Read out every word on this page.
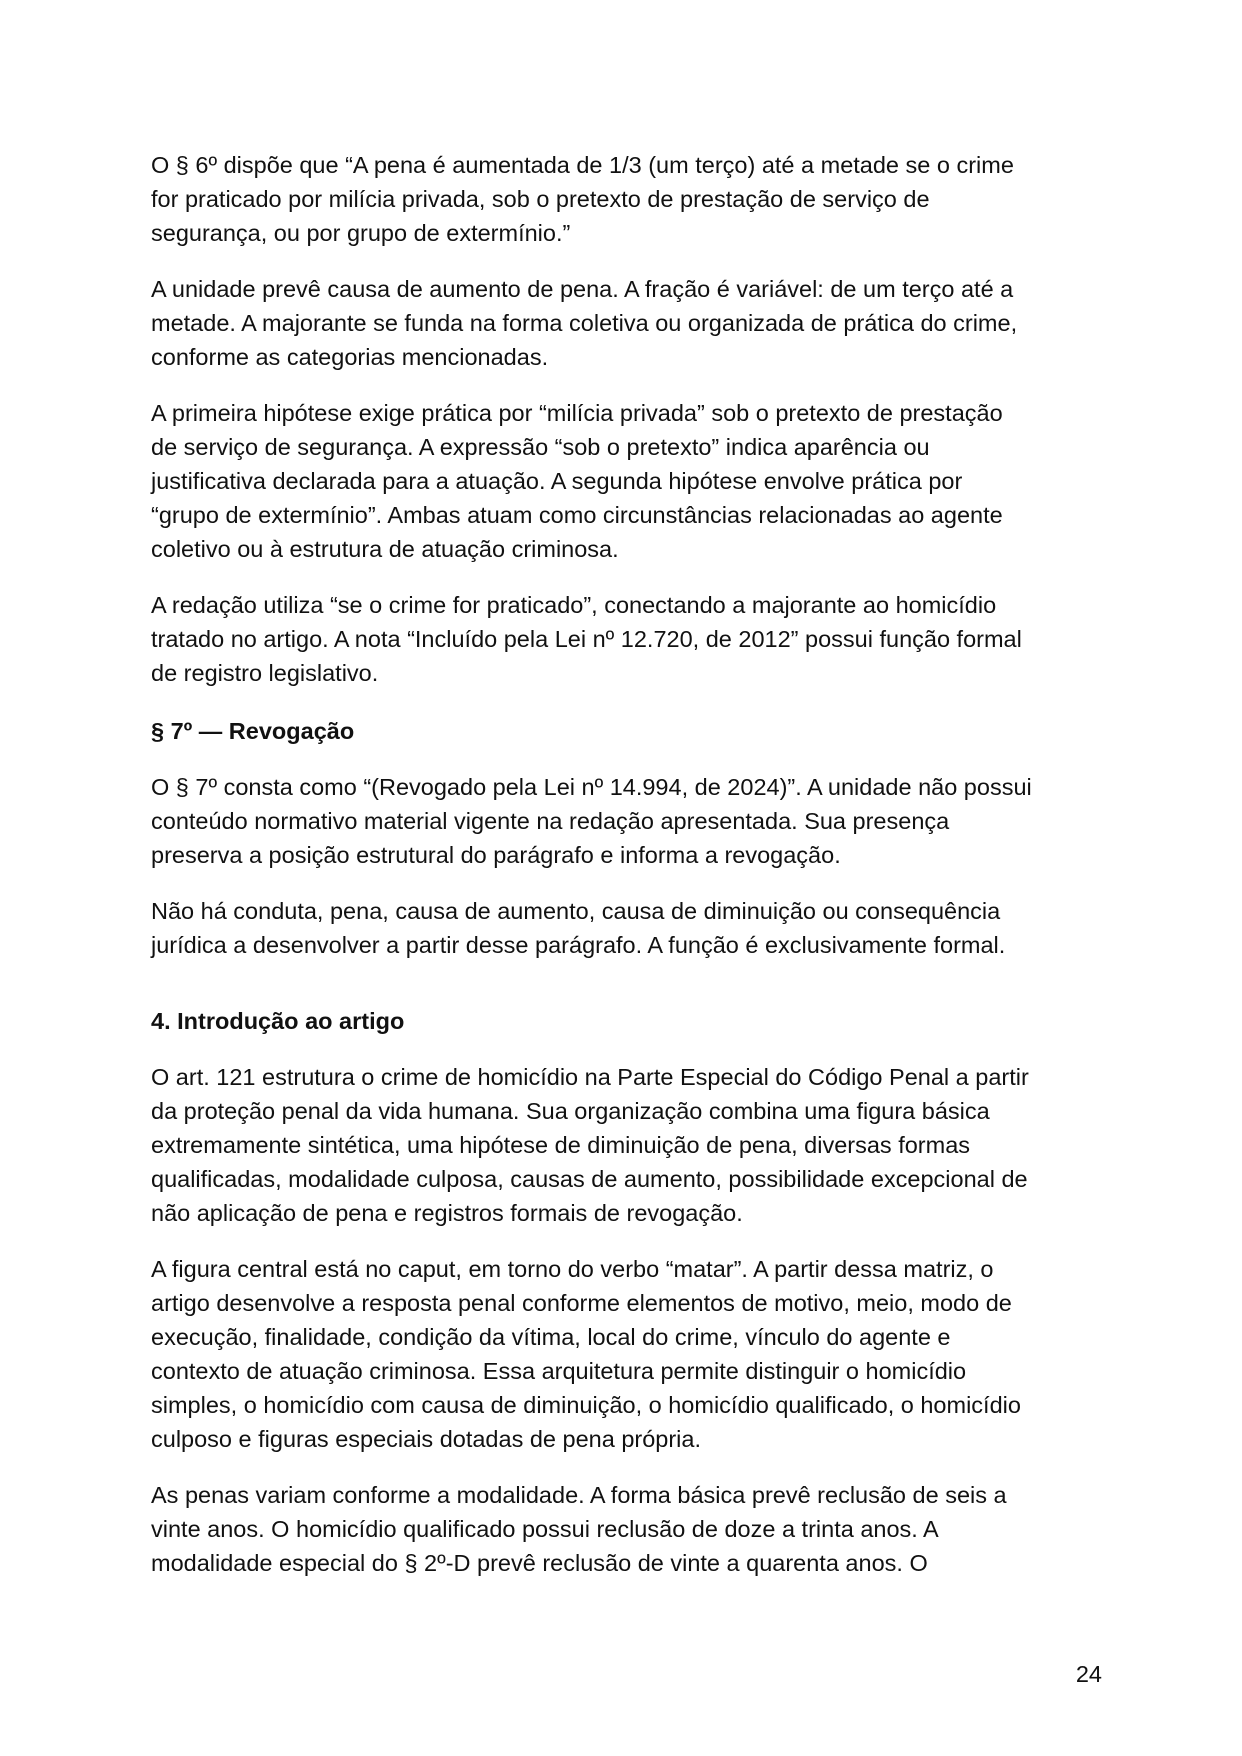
O § 6º dispõe que “A pena é aumentada de 1/3 (um terço) até a metade se o crime
for praticado por milícia privada, sob o pretexto de prestação de serviço de
segurança, ou por grupo de extermínio.”

A unidade prevê causa de aumento de pena. A fração é variável: de um terço até a
metade. A majorante se funda na forma coletiva ou organizada de prática do crime,
conforme as categorias mencionadas.

A primeira hipótese exige prática por “milícia privada” sob o pretexto de prestação
de serviço de segurança. A expressão “sob o pretexto” indica aparência ou
justificativa declarada para a atuação. A segunda hipótese envolve prática por
“grupo de extermínio”. Ambas atuam como circunstâncias relacionadas ao agente
coletivo ou à estrutura de atuação criminosa.

A redação utiliza “se o crime for praticado”, conectando a majorante ao homicídio
tratado no artigo. A nota “Incluído pela Lei nº 12.720, de 2012” possui função formal
de registro legislativo.

§ 7º — Revogação

O § 7º consta como “(Revogado pela Lei nº 14.994, de 2024)”. A unidade não possui
conteúdo normativo material vigente na redação apresentada. Sua presença
preserva a posição estrutural do parágrafo e informa a revogação.

Não há conduta, pena, causa de aumento, causa de diminuição ou consequência
jurídica a desenvolver a partir desse parágrafo. A função é exclusivamente formal.

4. Introdução ao artigo

O art. 121 estrutura o crime de homicídio na Parte Especial do Código Penal a partir
da proteção penal da vida humana. Sua organização combina uma figura básica
extremamente sintética, uma hipótese de diminuição de pena, diversas formas
qualificadas, modalidade culposa, causas de aumento, possibilidade excepcional de
não aplicação de pena e registros formais de revogação.

A figura central está no caput, em torno do verbo “matar”. A partir dessa matriz, o
artigo desenvolve a resposta penal conforme elementos de motivo, meio, modo de
execução, finalidade, condição da vítima, local do crime, vínculo do agente e
contexto de atuação criminosa. Essa arquitetura permite distinguir o homicídio
simples, o homicídio com causa de diminuição, o homicídio qualificado, o homicídio
culposo e figuras especiais dotadas de pena própria.

As penas variam conforme a modalidade. A forma básica prevê reclusão de seis a
vinte anos. O homicídio qualificado possui reclusão de doze a trinta anos. A
modalidade especial do § 2º-D prevê reclusão de vinte a quarenta anos. O

24
